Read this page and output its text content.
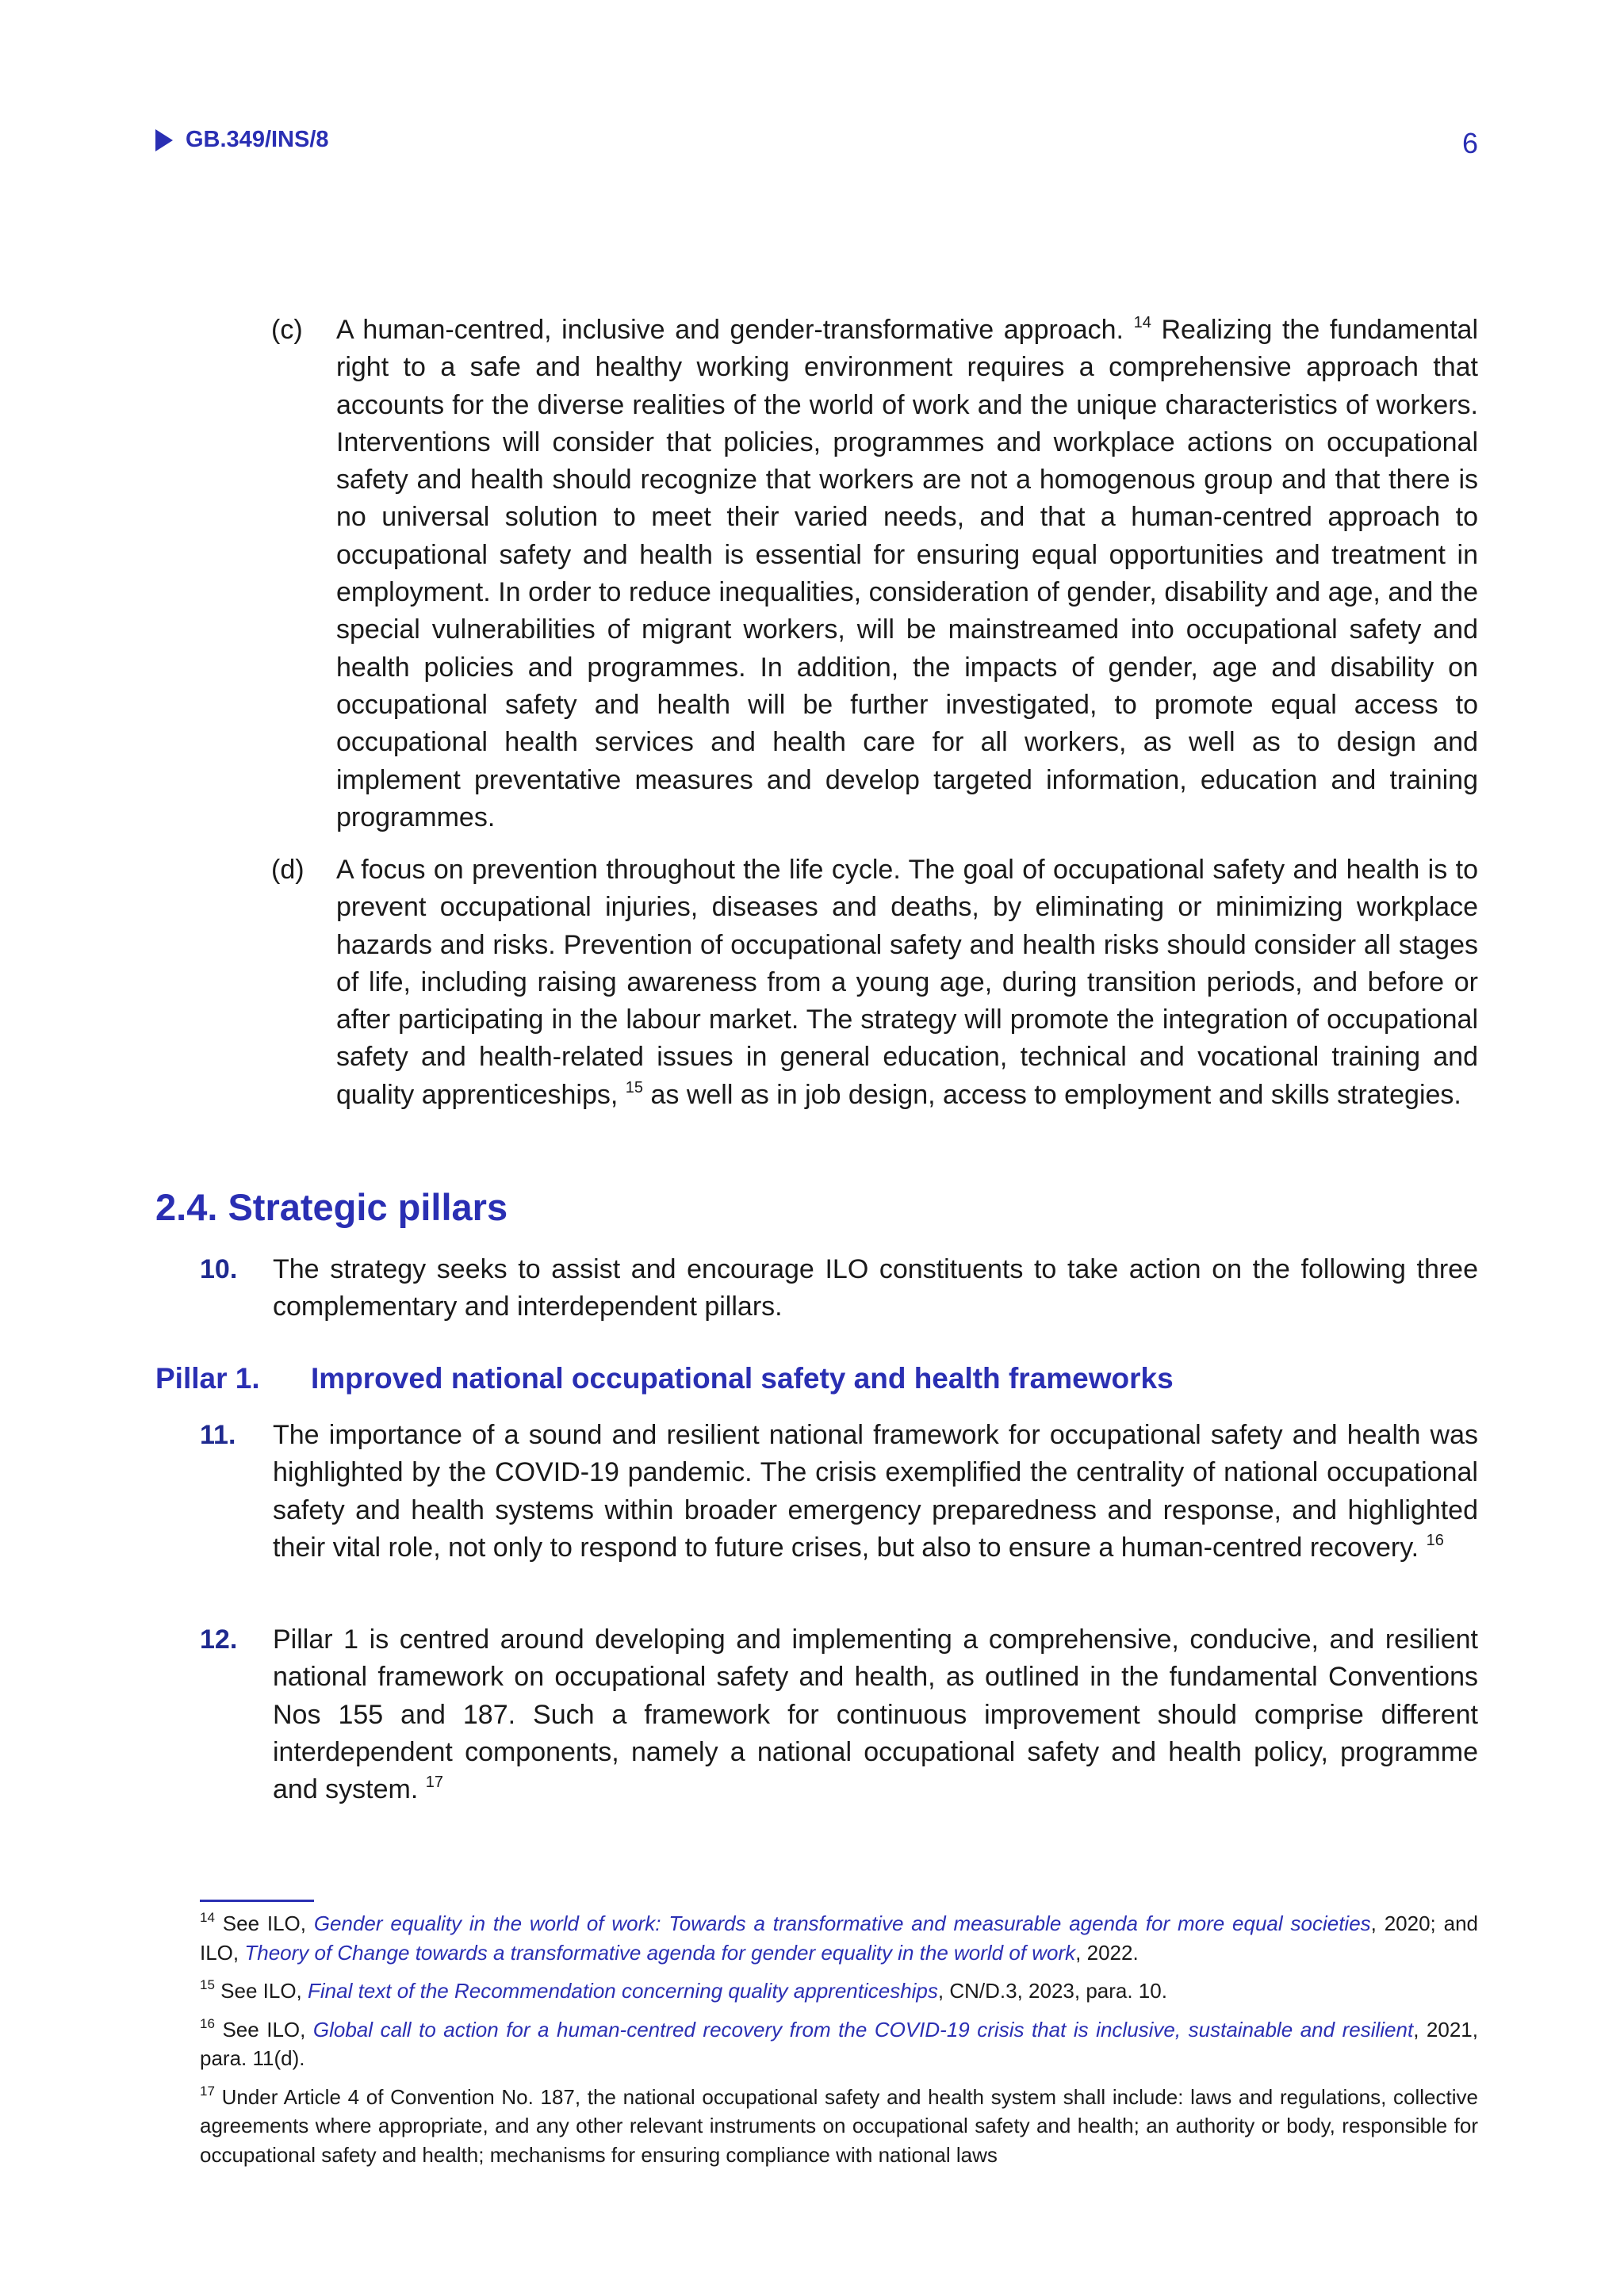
GB.349/INS/8	6
(c) A human-centred, inclusive and gender-transformative approach. $^{14}$ Realizing the fundamental right to a safe and healthy working environment requires a comprehensive approach that accounts for the diverse realities of the world of work and the unique characteristics of workers. Interventions will consider that policies, programmes and workplace actions on occupational safety and health should recognize that workers are not a homogenous group and that there is no universal solution to meet their varied needs, and that a human-centred approach to occupational safety and health is essential for ensuring equal opportunities and treatment in employment. In order to reduce inequalities, consideration of gender, disability and age, and the special vulnerabilities of migrant workers, will be mainstreamed into occupational safety and health policies and programmes. In addition, the impacts of gender, age and disability on occupational safety and health will be further investigated, to promote equal access to occupational health services and health care for all workers, as well as to design and implement preventative measures and develop targeted information, education and training programmes.
(d) A focus on prevention throughout the life cycle. The goal of occupational safety and health is to prevent occupational injuries, diseases and deaths, by eliminating or minimizing workplace hazards and risks. Prevention of occupational safety and health risks should consider all stages of life, including raising awareness from a young age, during transition periods, and before or after participating in the labour market. The strategy will promote the integration of occupational safety and health-related issues in general education, technical and vocational training and quality apprenticeships, $^{15}$ as well as in job design, access to employment and skills strategies.
2.4. Strategic pillars
10. The strategy seeks to assist and encourage ILO constituents to take action on the following three complementary and interdependent pillars.
Pillar 1. Improved national occupational safety and health frameworks
11. The importance of a sound and resilient national framework for occupational safety and health was highlighted by the COVID-19 pandemic. The crisis exemplified the centrality of national occupational safety and health systems within broader emergency preparedness and response, and highlighted their vital role, not only to respond to future crises, but also to ensure a human-centred recovery. $^{16}$
12. Pillar 1 is centred around developing and implementing a comprehensive, conducive, and resilient national framework on occupational safety and health, as outlined in the fundamental Conventions Nos 155 and 187. Such a framework for continuous improvement should comprise different interdependent components, namely a national occupational safety and health policy, programme and system. $^{17}$
$^{14}$ See ILO, Gender equality in the world of work: Towards a transformative and measurable agenda for more equal societies, 2020; and ILO, Theory of Change towards a transformative agenda for gender equality in the world of work, 2022.
$^{15}$ See ILO, Final text of the Recommendation concerning quality apprenticeships, CN/D.3, 2023, para. 10.
$^{16}$ See ILO, Global call to action for a human-centred recovery from the COVID-19 crisis that is inclusive, sustainable and resilient, 2021, para. 11(d).
$^{17}$ Under Article 4 of Convention No. 187, the national occupational safety and health system shall include: laws and regulations, collective agreements where appropriate, and any other relevant instruments on occupational safety and health; an authority or body, responsible for occupational safety and health; mechanisms for ensuring compliance with national laws
